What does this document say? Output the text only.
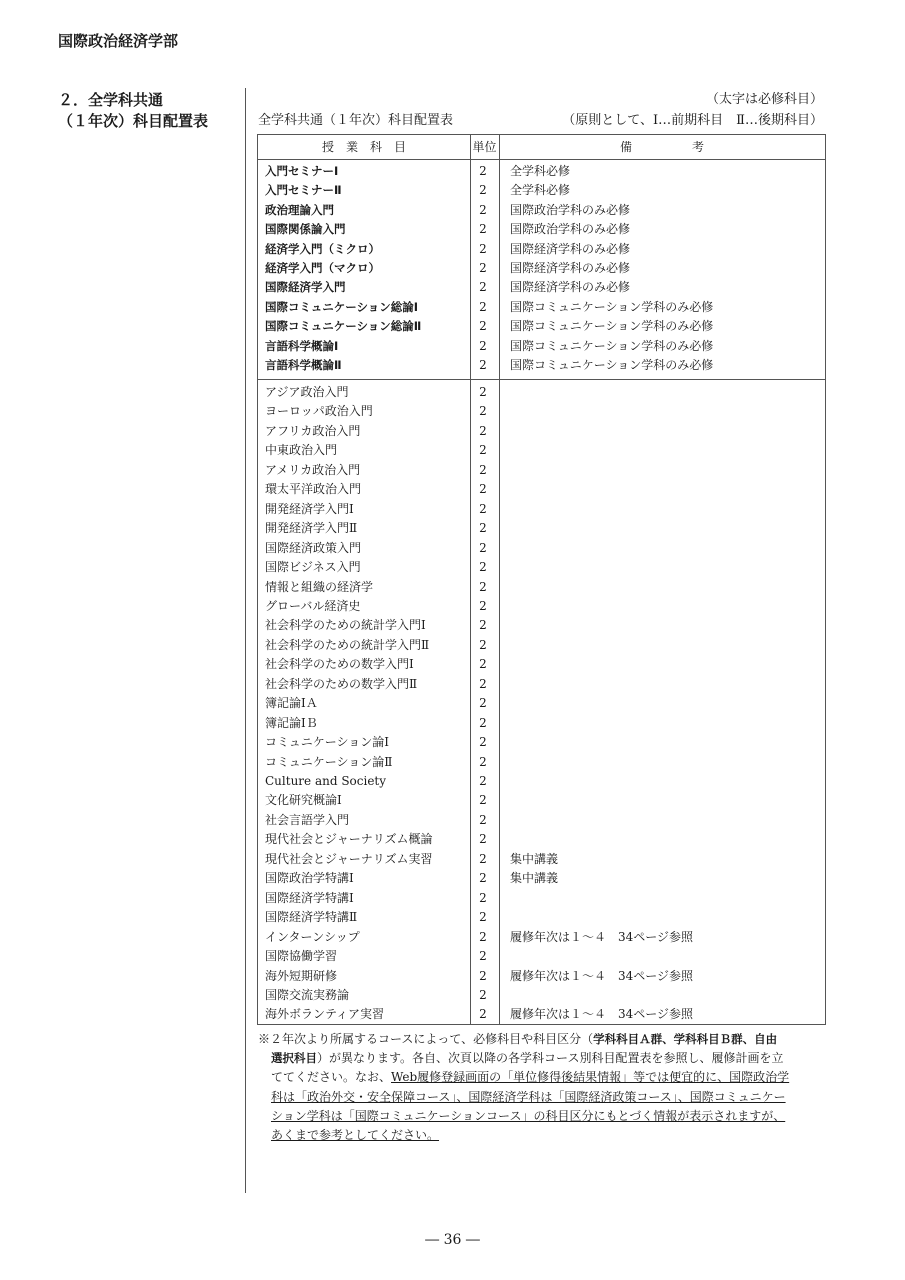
国際政治経済学部
２．全学科共通
（１年次）科目配置表
（太字は必修科目）
全学科共通（１年次）科目配置表	（原則として、Ⅰ…前期科目　Ⅱ…後期科目）
授　業　科　目	単位	備　　　　　考
入門セミナーⅠ	2	全学科必修
入門セミナーⅡ	2	全学科必修
政治理論入門	2	国際政治学科のみ必修
国際関係論入門	2	国際政治学科のみ必修
経済学入門（ミクロ）	2	国際経済学科のみ必修
経済学入門（マクロ）	2	国際経済学科のみ必修
国際経済学入門	2	国際経済学科のみ必修
国際コミュニケーション総論Ⅰ	2	国際コミュニケーション学科のみ必修
国際コミュニケーション総論Ⅱ	2	国際コミュニケーション学科のみ必修
言語科学概論Ⅰ	2	国際コミュニケーション学科のみ必修
言語科学概論Ⅱ	2	国際コミュニケーション学科のみ必修
アジア政治入門	2
ヨーロッパ政治入門	2
アフリカ政治入門	2
中東政治入門	2
アメリカ政治入門	2
環太平洋政治入門	2
開発経済学入門Ⅰ	2
開発経済学入門Ⅱ	2
国際経済政策入門	2
国際ビジネス入門	2
情報と組織の経済学	2
グローバル経済史	2
社会科学のための統計学入門Ⅰ	2
社会科学のための統計学入門Ⅱ	2
社会科学のための数学入門Ⅰ	2
社会科学のための数学入門Ⅱ	2
簿記論ⅠＡ	2
簿記論ⅠＢ	2
コミュニケーション論Ⅰ	2
コミュニケーション論Ⅱ	2
Culture and Society	2
文化研究概論Ⅰ	2
社会言語学入門	2
現代社会とジャーナリズム概論	2
現代社会とジャーナリズム実習	2	集中講義
国際政治学特講Ⅰ	2	集中講義
国際経済学特講Ⅰ	2
国際経済学特講Ⅱ	2
インターンシップ	2	履修年次は１～４　34ページ参照
国際協働学習	2
海外短期研修	2	履修年次は１～４　34ページ参照
国際交流実務論	2
海外ボランティア実習	2	履修年次は１～４　34ページ参照

※２年次より所属するコースによって、必修科目や科目区分（学科科目Ａ群、学科科目Ｂ群、自由

選択科目）が異なります。各自、次頁以降の各学科コース別科目配置表を参照し、履修計画を立

ててください。なお、Web履修登録画面の「単位修得後結果情報」等では便宜的に、国際政治学

科は「政治外交・安全保障コース」、国際経済学科は「国際経済政策コース」、国際コミュニケー

ション学科は「国際コミュニケーションコース」の科目区分にもとづく情報が表示されますが、

あくまで参考としてください。

― 36 ―
